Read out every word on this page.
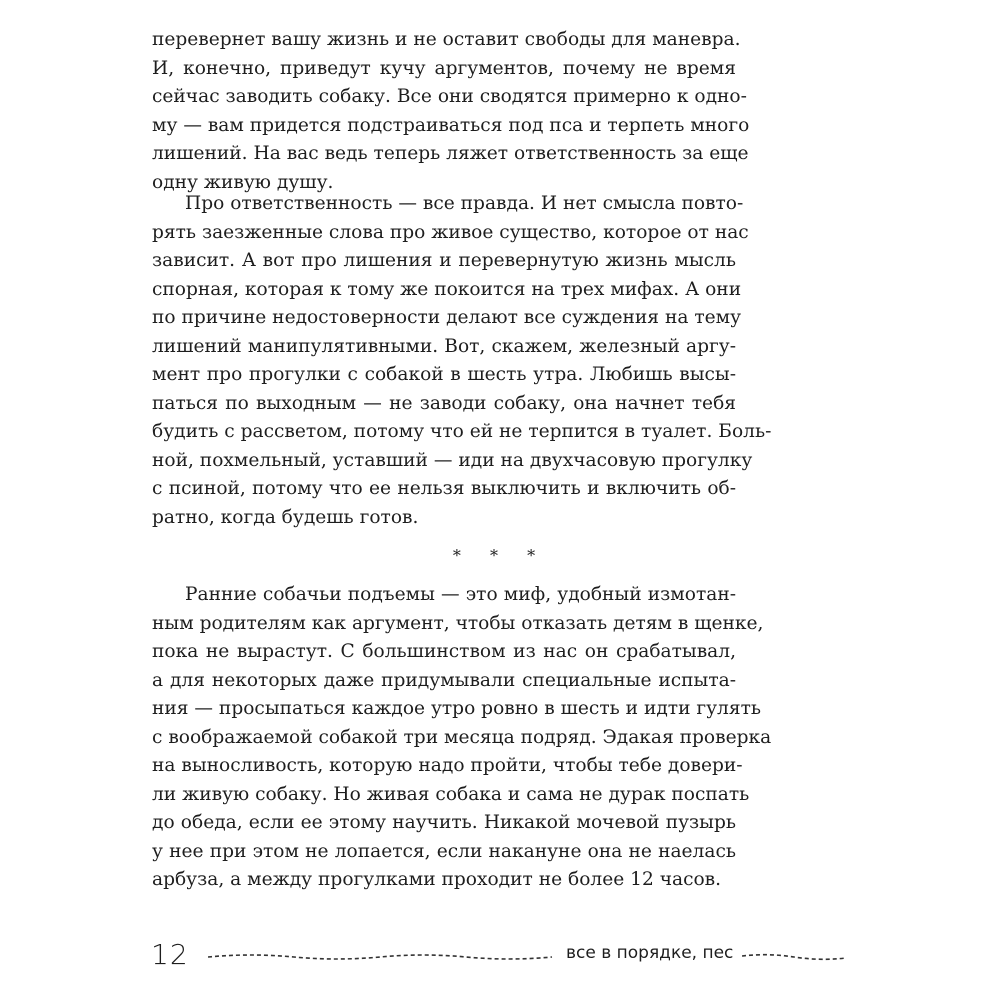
перевернет вашу жизнь и не оставит свободы для маневра.
И, конечно, приведут кучу аргументов, почему не время
сейчас заводить собаку. Все они сводятся примерно к одно-
му — вам придется подстраиваться под пса и терпеть много
лишений. На вас ведь теперь ляжет ответственность за еще
одну живую душу.
Про ответственность — все правда. И нет смысла повто-
рять заезженные слова про живое существо, которое от нас
зависит. А вот про лишения и перевернутую жизнь мысль
спорная, которая к тому же покоится на трех мифах. А они
по причине недостоверности делают все суждения на тему
лишений манипулятивными. Вот, скажем, железный аргу-
мент про прогулки с собакой в шесть утра. Любишь высы-
паться по выходным — не заводи собаку, она начнет тебя
будить с рассветом, потому что ей не терпится в туалет. Боль-
ной, похмельный, уставший — иди на двухчасовую прогулку
с псиной, потому что ее нельзя выключить и включить об-
ратно, когда будешь готов.
* * *
Ранние собачьи подъемы — это миф, удобный измотан-
ным родителям как аргумент, чтобы отказать детям в щенке,
пока не вырастут. С большинством из нас он срабатывал,
а для некоторых даже придумывали специальные испыта-
ния — просыпаться каждое утро ровно в шесть и идти гулять
с воображаемой собакой три месяца подряд. Эдакая проверка
на выносливость, которую надо пройти, чтобы тебе довери-
ли живую собаку. Но живая собака и сама не дурак поспать
до обеда, если ее этому научить. Никакой мочевой пузырь
у нее при этом не лопается, если накануне она не наелась
арбуза, а между прогулками проходит не более 12 часов.
12	все в порядке, пес
